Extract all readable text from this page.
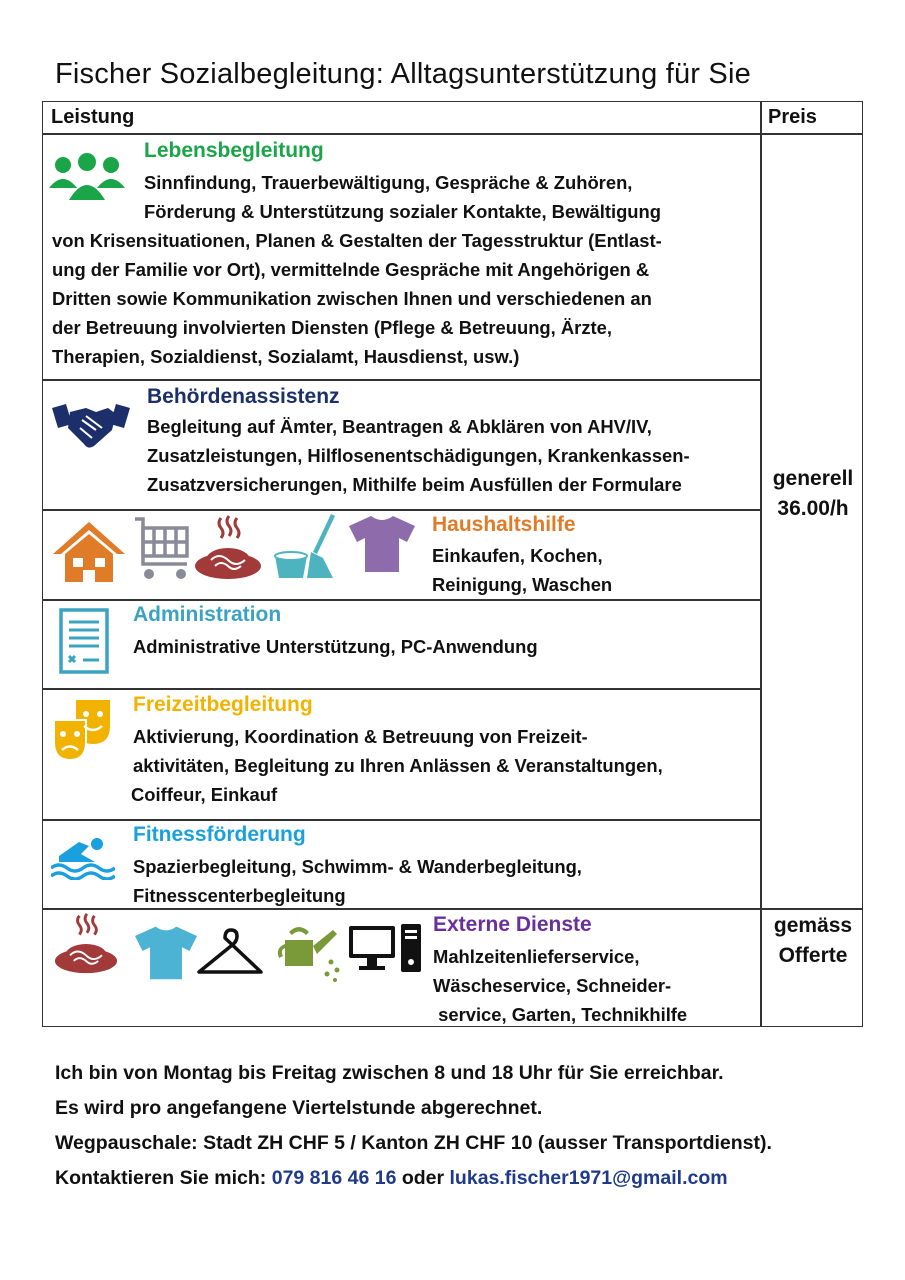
Fischer Sozialbegleitung: Alltagsunterstützung für Sie
Leistung	Preis
generell
36.00/h
gemäss
Offerte
Lebensbegleitung
Sinnfindung, Trauerbewältigung, Gespräche & Zuhören,
Förderung & Unterstützung sozialer Kontakte, Bewältigung
von Krisensituationen, Planen & Gestalten der Tagesstruktur (Entlast-
ung der Familie vor Ort), vermittelnde Gespräche mit Angehörigen &
Dritten sowie Kommunikation zwischen Ihnen und verschiedenen an
der Betreuung involvierten Diensten (Pflege & Betreuung, Ärzte,
Therapien, Sozialdienst, Sozialamt, Hausdienst, usw.)
Behördenassistenz
Begleitung auf Ämter, Beantragen & Abklären von AHV/IV,
Zusatzleistungen, Hilflosenentschädigungen, Krankenkassen-
Zusatzversicherungen, Mithilfe beim Ausfüllen der Formulare
Haushaltshilfe
Einkaufen, Kochen,
Reinigung, Waschen
Administration
Administrative Unterstützung, PC-Anwendung
Freizeitbegleitung
Aktivierung, Koordination & Betreuung von Freizeit-
aktivitäten, Begleitung zu Ihren Anlässen & Veranstaltungen,
Coiffeur, Einkauf
Fitnessförderung
Spazierbegleitung, Schwimm- & Wanderbegleitung,
Fitnesscenterbegleitung
Externe Dienste
Mahlzeitenlieferservice,
Wäscheservice, Schneider-
service, Garten, Technikhilfe
Ich bin von Montag bis Freitag zwischen 8 und 18 Uhr für Sie erreichbar.
Es wird pro angefangene Viertelstunde abgerechnet.
Wegpauschale: Stadt ZH CHF 5 / Kanton ZH CHF 10 (ausser Transportdienst).
Kontaktieren Sie mich: 079 816 46 16 oder lukas.fischer1971@gmail.com
